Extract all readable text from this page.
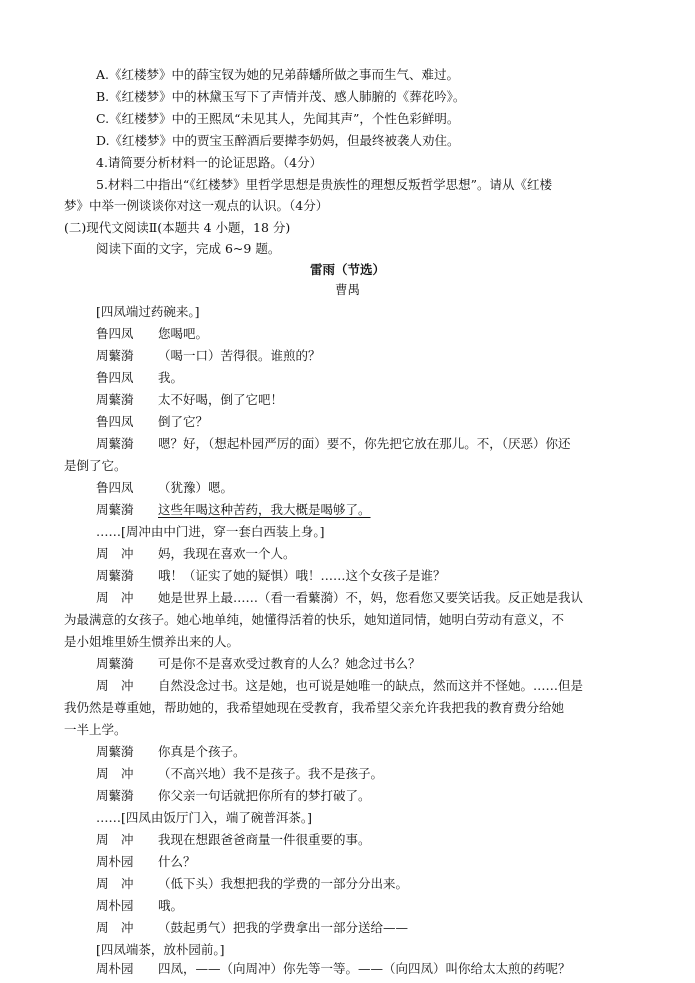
A.《红楼梦》中的薛宝钗为她的兄弟薛蟠所做之事而生气、难过。
B.《红楼梦》中的林黛玉写下了声情并茂、感人肺腑的《葬花吟》。
C.《红楼梦》中的王熙凤“未见其人，先闻其声”，个性色彩鲜明。
D.《红楼梦》中的贾宝玉醉酒后要撵李奶妈，但最终被袭人劝住。
4.请简要分析材料一的论证思路。（4分）
5.材料二中指出“《红楼梦》里哲学思想是贵族性的理想反叛哲学思想”。请从《红楼
梦》中举一例谈谈你对这一观点的认识。（4分）
(二)现代文阅读Ⅱ(本题共 4 小题，18 分)
阅读下面的文字，完成 6~9 题。
雷雨（节选）
曹禺
[四凤端过药碗来。]
鲁四凤 您喝吧。
周蘩漪 （喝一口）苦得很。谁煎的？
鲁四凤 我。
周蘩漪 太不好喝，倒了它吧！
鲁四凤 倒了它？
周蘩漪 嗯？好，（想起朴园严厉的面）要不，你先把它放在那儿。不，（厌恶）你还
是倒了它。
鲁四凤 （犹豫）嗯。
周蘩漪 这些年喝这种苦药，我大概是喝够了。
……[周冲由中门进，穿一套白西装上身。]
周　冲 妈，我现在喜欢一个人。
周蘩漪 哦！（证实了她的疑惧）哦！……这个女孩子是谁？
周　冲 她是世界上最……（看一看蘩漪）不，妈，您看您又要笑话我。反正她是我认
为最满意的女孩子。她心地单纯，她懂得活着的快乐，她知道同情，她明白劳动有意义，不
是小姐堆里娇生惯养出来的人。
周蘩漪 可是你不是喜欢受过教育的人么？她念过书么？
周　冲 自然没念过书。这是她，也可说是她唯一的缺点，然而这并不怪她。……但是
我仍然是尊重她，帮助她的，我希望她现在受教育，我希望父亲允许我把我的教育费分给她
一半上学。
周蘩漪 你真是个孩子。
周　冲 （不高兴地）我不是孩子。我不是孩子。
周蘩漪 你父亲一句话就把你所有的梦打破了。
……[四凤由饭厅门入，端了碗普洱茶。]
周　冲 我现在想跟爸爸商量一件很重要的事。
周朴园 什么？
周　冲 （低下头）我想把我的学费的一部分分出来。
周朴园 哦。
周　冲 （鼓起勇气）把我的学费拿出一部分送给——
[四凤端茶，放朴园前。]
周朴园 四凤，——（向周冲）你先等一等。——（向四凤）叫你给太太煎的药呢？
